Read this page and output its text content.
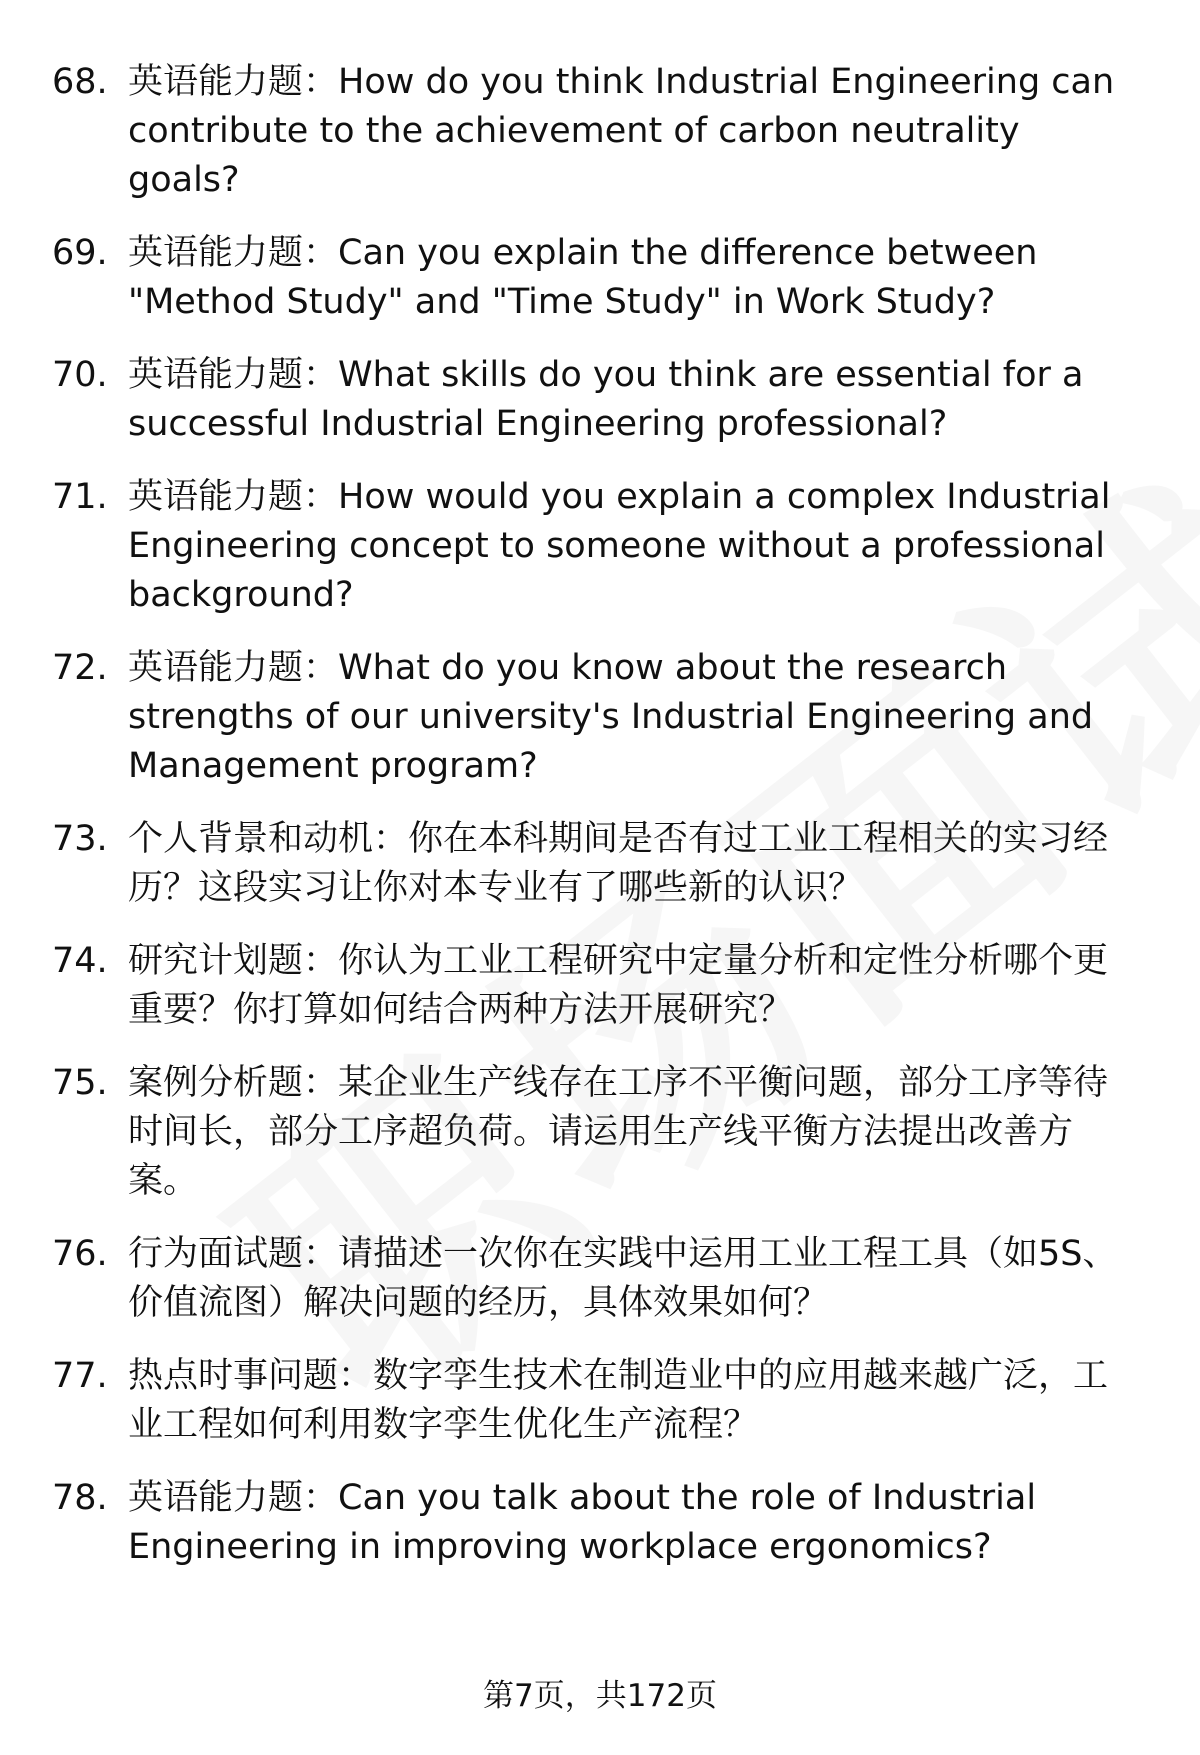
68. 英语能力题：How do you think Industrial Engineering can contribute to the achievement of carbon neutrality goals?
69. 英语能力题：Can you explain the difference between "Method Study" and "Time Study" in Work Study?
70. 英语能力题：What skills do you think are essential for a successful Industrial Engineering professional?
71. 英语能力题：How would you explain a complex Industrial Engineering concept to someone without a professional background?
72. 英语能力题：What do you know about the research strengths of our university's Industrial Engineering and Management program?
73. 个人背景和动机：你在本科期间是否有过工业工程相关的实习经历？这段实习让你对本专业有了哪些新的认识？
74. 研究计划题：你认为工业工程研究中定量分析和定性分析哪个更重要？你打算如何结合两种方法开展研究？
75. 案例分析题：某企业生产线存在工序不平衡问题，部分工序等待时间长，部分工序超负荷。请运用生产线平衡方法提出改善方案。
76. 行为面试题：请描述一次你在实践中运用工业工程工具（如5S、价值流图）解决问题的经历，具体效果如何？
77. 热点时事问题：数字孪生技术在制造业中的应用越来越广泛，工业工程如何利用数字孪生优化生产流程？
78. 英语能力题：Can you talk about the role of Industrial Engineering in improving workplace ergonomics?
第7页，共172页
